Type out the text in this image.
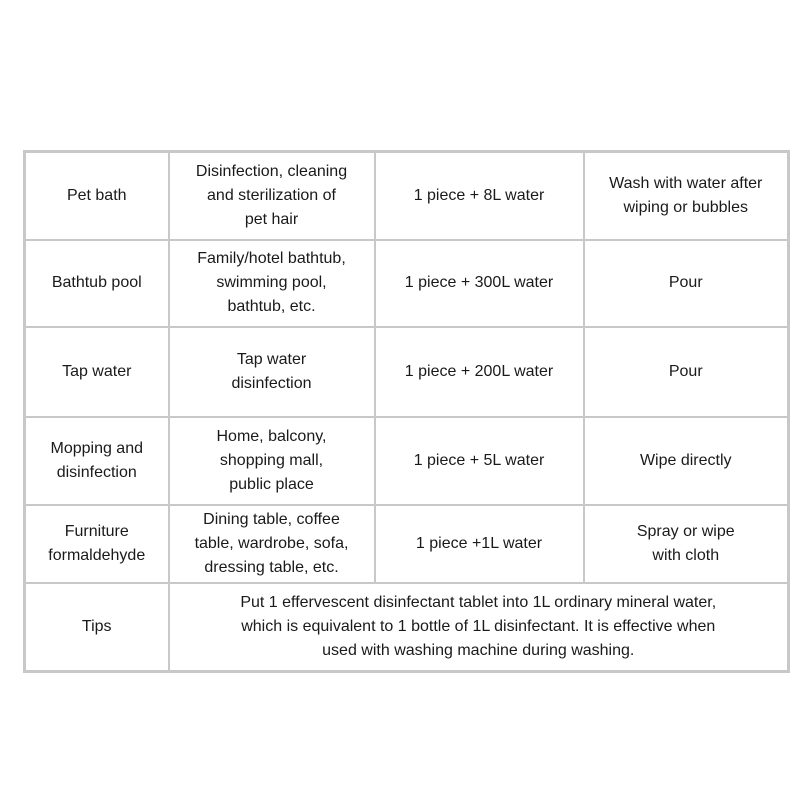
Pet bath	Disinfection, cleaning
and sterilization of
pet hair	1 piece + 8L water	Wash with water after
wiping or bubbles
Bathtub pool	Family/hotel bathtub,
swimming pool,
bathtub, etc.	1 piece + 300L water	Pour
Tap water	Tap water
disinfection	1 piece + 200L water	Pour
Mopping and
disinfection	Home, balcony,
shopping mall,
public place	1 piece + 5L water	Wipe directly
Furniture
formaldehyde	Dining table, coffee
table, wardrobe, sofa,
dressing table, etc.	1 piece +1L water	Spray or wipe
with cloth
Tips	Put 1 effervescent disinfectant tablet into 1L ordinary mineral water,
which is equivalent to 1 bottle of 1L disinfectant. It is effective when
used with washing machine during washing.		
